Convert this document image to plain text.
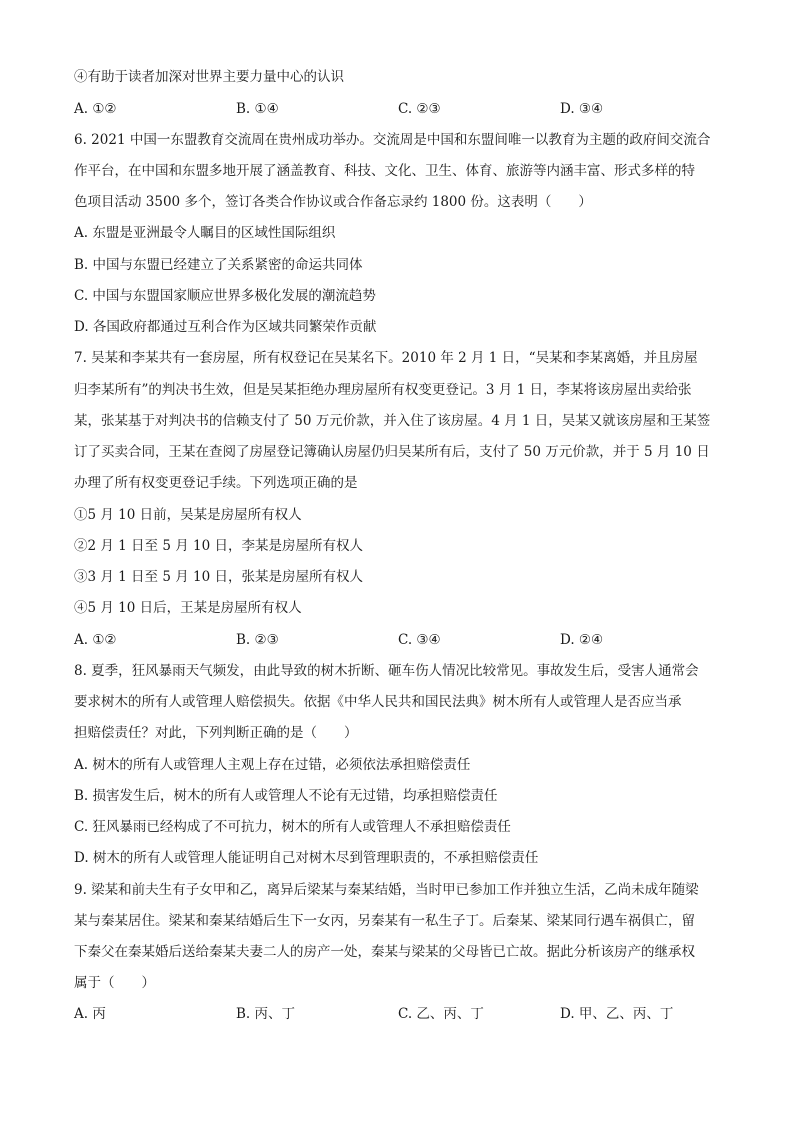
④有助于读者加深对世界主要力量中心的认识
A. ①②	B. ①④	C. ②③	D. ③④
6. 2021 中国一东盟教育交流周在贵州成功举办。交流周是中国和东盟间唯一以教育为主题的政府间交流合
作平台，在中国和东盟多地开展了涵盖教育、科技、文化、卫生、体育、旅游等内涵丰富、形式多样的特
色项目活动 3500 多个，签订各类合作协议或合作备忘录约 1800 份。这表明（　　）
A. 东盟是亚洲最令人瞩目的区域性国际组织
B. 中国与东盟已经建立了关系紧密的命运共同体
C. 中国与东盟国家顺应世界多极化发展的潮流趋势
D. 各国政府都通过互利合作为区域共同繁荣作贡献
7. 吴某和李某共有一套房屋，所有权登记在吴某名下。2010 年 2 月 1 日，“吴某和李某离婚，并且房屋
归李某所有”的判决书生效，但是吴某拒绝办理房屋所有权变更登记。3 月 1 日，李某将该房屋出卖给张
某，张某基于对判决书的信赖支付了 50 万元价款，并入住了该房屋。4 月 1 日，吴某又就该房屋和王某签
订了买卖合同，王某在查阅了房屋登记簿确认房屋仍归吴某所有后，支付了 50 万元价款，并于 5 月 10 日
办理了所有权变更登记手续。下列选项正确的是
①5 月 10 日前，吴某是房屋所有权人
②2 月 1 日至 5 月 10 日，李某是房屋所有权人
③3 月 1 日至 5 月 10 日，张某是房屋所有权人
④5 月 10 日后，王某是房屋所有权人
A. ①②	B. ②③	C. ③④	D. ②④
8. 夏季，狂风暴雨天气频发，由此导致的树木折断、砸车伤人情况比较常见。事故发生后，受害人通常会
要求树木的所有人或管理人赔偿损失。依据《中华人民共和国民法典》树木所有人或管理人是否应当承
担赔偿责任？对此，下列判断正确的是（　　）
A. 树木的所有人或管理人主观上存在过错，必须依法承担赔偿责任
B. 损害发生后，树木的所有人或管理人不论有无过错，均承担赔偿责任
C. 狂风暴雨已经构成了不可抗力，树木的所有人或管理人不承担赔偿责任
D. 树木的所有人或管理人能证明自己对树木尽到管理职责的，不承担赔偿责任
9. 梁某和前夫生有子女甲和乙，离异后梁某与秦某结婚，当时甲已参加工作并独立生活，乙尚未成年随梁
某与秦某居住。梁某和秦某结婚后生下一女丙，另秦某有一私生子丁。后秦某、梁某同行遇车祸俱亡，留
下秦父在秦某婚后送给秦某夫妻二人的房产一处，秦某与梁某的父母皆已亡故。据此分析该房产的继承权
属于（　　）
A. 丙	B. 丙、丁	C. 乙、丙、丁	D. 甲、乙、丙、丁
